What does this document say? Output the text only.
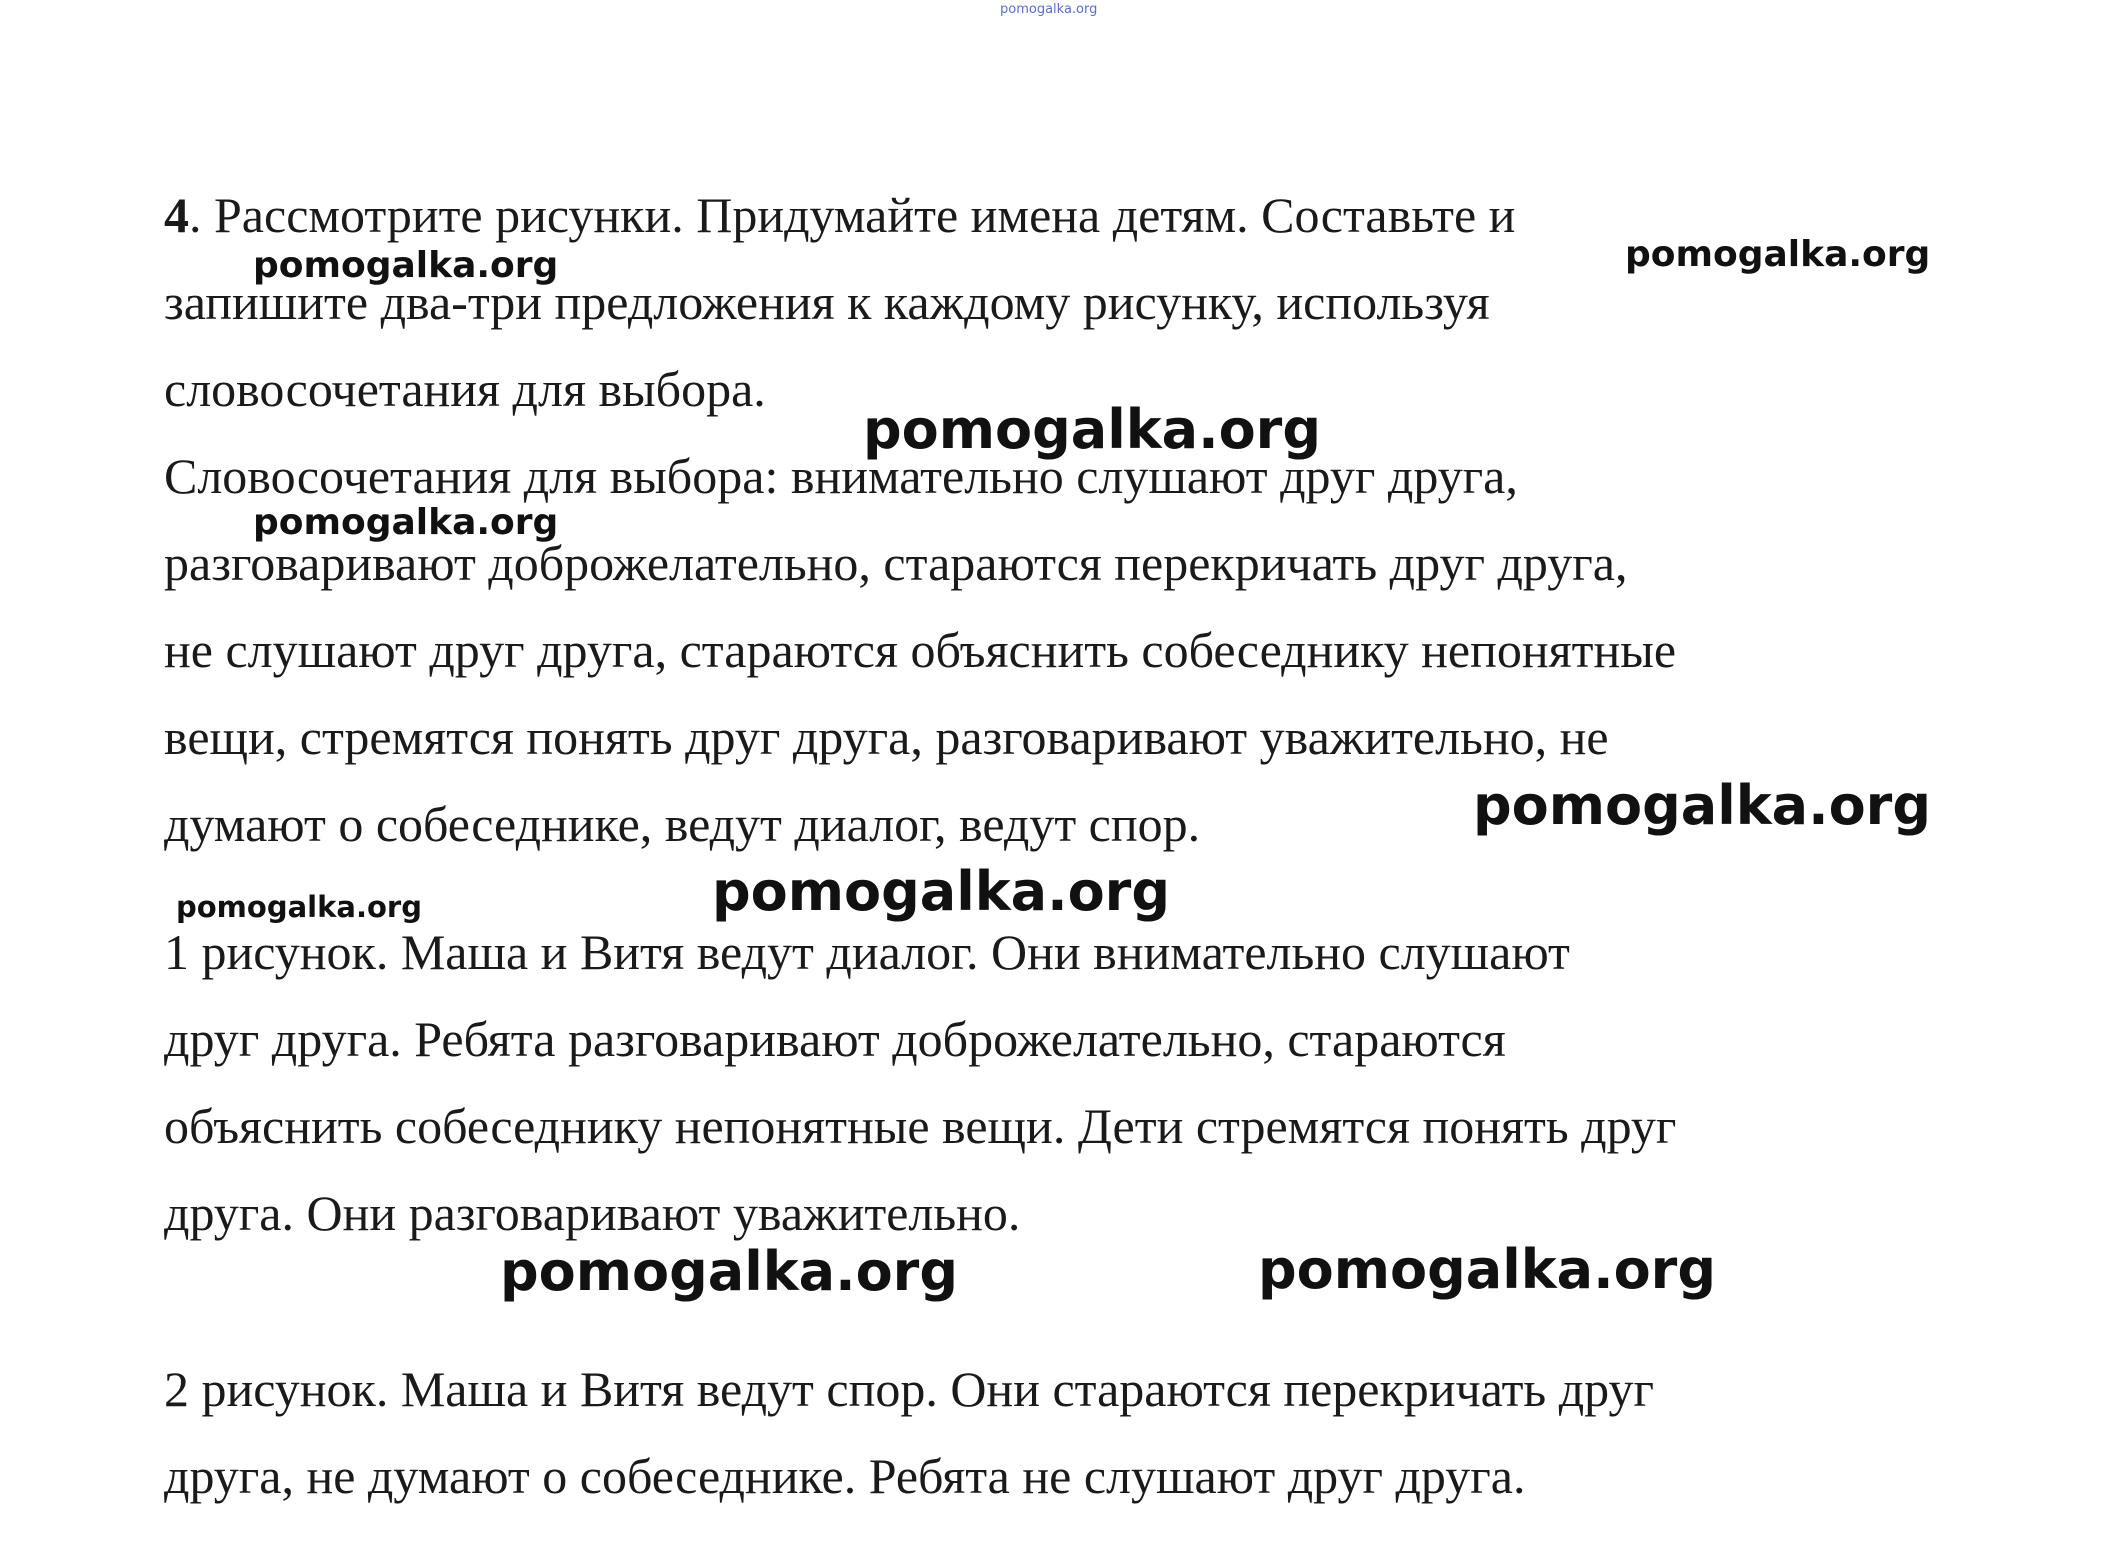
pomogalka.org
4. Рассмотрите рисунки. Придумайте имена детям. Составьте и
запишите два-три предложения к каждому рисунку, используя
словосочетания для выбора.
Словосочетания для выбора: внимательно слушают друг друга,
разговаривают доброжелательно, стараются перекричать друг друга,
не слушают друг друга, стараются объяснить собеседнику непонятные
вещи, стремятся понять друг друга, разговаривают уважительно, не
думают о собеседнике, ведут диалог, ведут спор.
1 рисунок. Маша и Витя ведут диалог. Они внимательно слушают
друг друга. Ребята разговаривают доброжелательно, стараются
объяснить собеседнику непонятные вещи. Дети стремятся понять друг
друга. Они разговаривают уважительно.
2 рисунок. Маша и Витя ведут спор. Они стараются перекричать друг
друга, не думают о собеседнике. Ребята не слушают друг друга.
pomogalka.org	pomogalka.org
pomogalka.org
pomogalka.org
pomogalka.org
pomogalka.org	pomogalka.org
pomogalka.org	pomogalka.org
